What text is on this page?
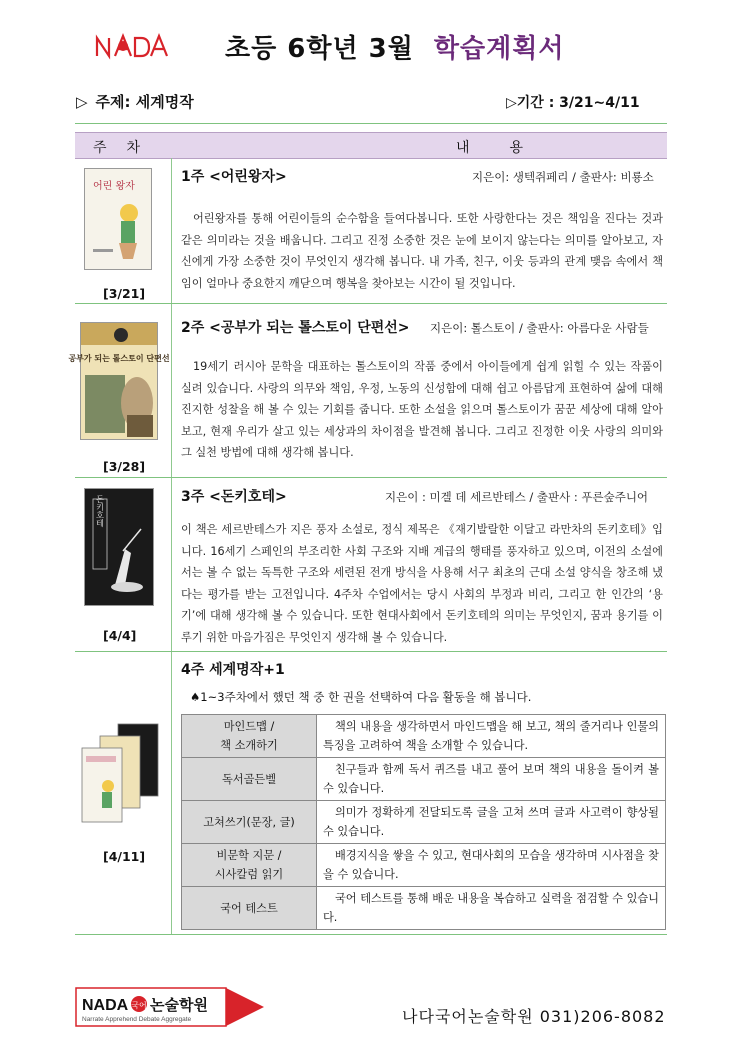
초등 6학년 3월 학습계획서
▷ 주제: 세계명작	▷기간 : 3/21∼4/11
주차	내용
어린 왕자
[3/21]
1주 <어린왕자>	지은이: 생텍쥐페리 / 출판사: 비룡소
어린왕자를 통해 어린이들의 순수함을 들여다봅니다. 또한 사랑한다는 것은 책임을 진다는 것과 같은 의미라는 것을 배웁니다. 그리고 진정 소중한 것은 눈에 보이지 않는다는 의미를 알아보고, 자신에게 가장 소중한 것이 무엇인지 생각해 봅니다. 내 가족, 친구, 이웃 등과의 관계 맺음 속에서 책임이 얼마나 중요한지 깨닫으며 행복을 찾아보는 시간이 될 것입니다.
공부가 되는 톨스토이 단편선
[3/28]
2주 <공부가 되는 톨스토이 단편선> 지은이: 톨스토이 / 출판사: 아름다운 사람들
19세기 러시아 문학을 대표하는 톨스토이의 작품 중에서 아이들에게 쉽게 읽힐 수 있는 작품이 실려 있습니다. 사랑의 의무와 책임, 우정, 노동의 신성함에 대해 쉽고 아름답게 표현하여 삶에 대해 진지한 성찰을 해 볼 수 있는 기회를 줍니다. 또한 소설을 읽으며 톨스토이가 꿈꾼 세상에 대해 알아보고, 현재 우리가 살고 있는 세상과의 차이점을 발견해 봅니다. 그리고 진정한 이웃 사랑의 의미와 그 실천 방법에 대해 생각해 봅니다.
돈키호테
[4/4]
3주 <돈키호테>	지은이 : 미겔 데 세르반테스 / 출판사 : 푸른숲주니어
이 책은 세르반테스가 지은 풍자 소설로, 정식 제목은 《재기발랄한 이달고 라만차의 돈키호테》입니다. 16세기 스페인의 부조리한 사회 구조와 지배 계급의 행태를 풍자하고 있으며, 이전의 소설에서는 볼 수 없는 독특한 구조와 세련된 전개 방식을 사용해 서구 최초의 근대 소설 양식을 창조해 냈다는 평가를 받는 고전입니다. 4주차 수업에서는 당시 사회의 부정과 비리, 그리고 한 인간의 ‘용기’에 대해 생각해 볼 수 있습니다. 또한 현대사회에서 돈키호테의 의미는 무엇인지, 꿈과 용기를 이루기 위한 마음가짐은 무엇인지 생각해 볼 수 있습니다.
[4/11]
4주 세계명작+1
♠1~3주차에서 했던 책 중 한 권을 선택하여 다음 활동을 해 봅니다.
마인드맵 /
책 소개하기	책의 내용을 생각하면서 마인드맵을 해 보고, 책의 줄거리나 인물의 특징을 고려하여 책을 소개할 수 있습니다.
독서골든벨	친구들과 함께 독서 퀴즈를 내고 풀어 보며 책의 내용을 돌이켜 볼 수 있습니다.
고쳐쓰기(문장, 글)	의미가 정확하게 전달되도록 글을 고쳐 쓰며 글과 사고력이 향상될 수 있습니다.
비문학 지문 /
시사칼럼 읽기	배경지식을 쌓을 수 있고, 현대사회의 모습을 생각하며 시사점을 찾을 수 있습니다.
국어 테스트	국어 테스트를 통해 배운 내용을 복습하고 실력을 점검할 수 있습니다.
NADA 국어 논술학원
Narrate Apprehend Debate Aggregate	나다국어논술학원 031)206-8082
